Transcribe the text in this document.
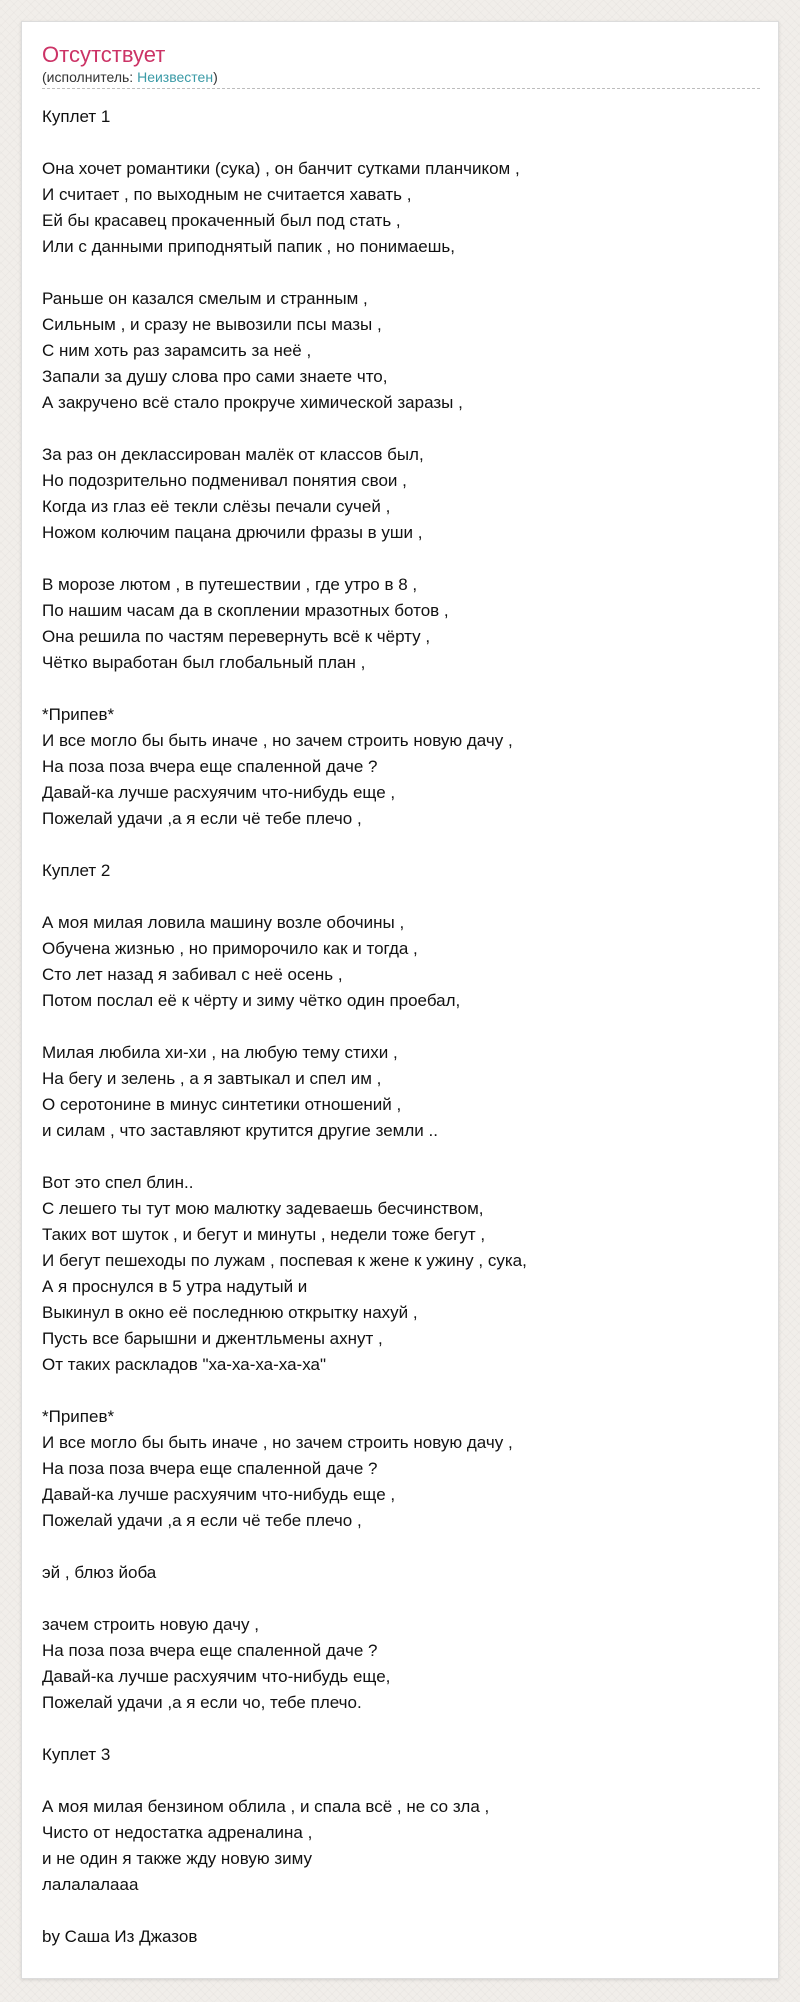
Отсутствует

(исполнитель: Неизвестен)

Куплет 1
Она хочет романтики (сука) , он банчит сутками планчиком ,
И считает , по выходным не считается хавать ,
Ей бы красавец прокаченный был под стать ,
Или с данными приподнятый папик , но понимаешь,
Раньше он казался смелым и странным ,
Сильным , и сразу не вывозили псы мазы ,
С ним хоть раз зарамсить за неё ,
Запали за душу слова про сами знаете что,
А закручено всё стало прокруче химической заразы ,
За раз он деклассирован малёк от классов был,
Но подозрительно подменивал понятия свои ,
Когда из глаз её текли слёзы печали сучей ,
Ножом колючим пацана дрючили фразы в уши ,
В морозе лютом , в путешествии , где утро в 8 ,
По нашим часам да в скоплении мразотных ботов ,
Она решила по частям перевернуть всё к чёрту ,
Чётко выработан был глобальный план ,
*Припев*
И все могло бы быть иначе , но зачем строить новую дачу ,
На поза поза вчера еще спаленной даче ?
Давай-ка лучше расхуячим что-нибудь еще ,
Пожелай удачи ,а я если чё тебе плечо ,
Куплет 2
А моя милая ловила машину возле обочины ,
Обучена жизнью , но приморочило как и тогда ,
Сто лет назад я забивал с неё осень ,
Потом послал её к чёрту и зиму чётко один проебал,
Милая любила хи-хи , на любую тему стихи ,
На бегу и зелень , а я завтыкал и спел им ,
О серотонине в минус синтетики отношений ,
и силам , что заставляют крутится другие земли ..
Вот это спел блин..
С лешего ты тут мою малютку задеваешь бесчинством,
Таких вот шуток , и бегут и минуты , недели тоже бегут ,
И бегут пешеходы по лужам , поспевая к жене к ужину , сука,
А я проснулся в 5 утра надутый и
Выкинул в окно её последнюю открытку нахуй ,
Пусть все барышни и джентльмены ахнут ,
От таких раскладов "ха-ха-ха-ха-ха"
*Припев*
И все могло бы быть иначе , но зачем строить новую дачу ,
На поза поза вчера еще спаленной даче ?
Давай-ка лучше расхуячим что-нибудь еще ,
Пожелай удачи ,а я если чё тебе плечо ,
эй , блюз йоба
зачем строить новую дачу ,
На поза поза вчера еще спаленной даче ?
Давай-ка лучше расхуячим что-нибудь еще,
Пожелай удачи ,а я если чо, тебе плечо.
Куплет 3
А моя милая бензином облила , и спала всё , не со зла ,
Чисто от недостатка адреналина ,
и не один я также жду новую зиму
лалалалааа
by Саша Из Джазов
